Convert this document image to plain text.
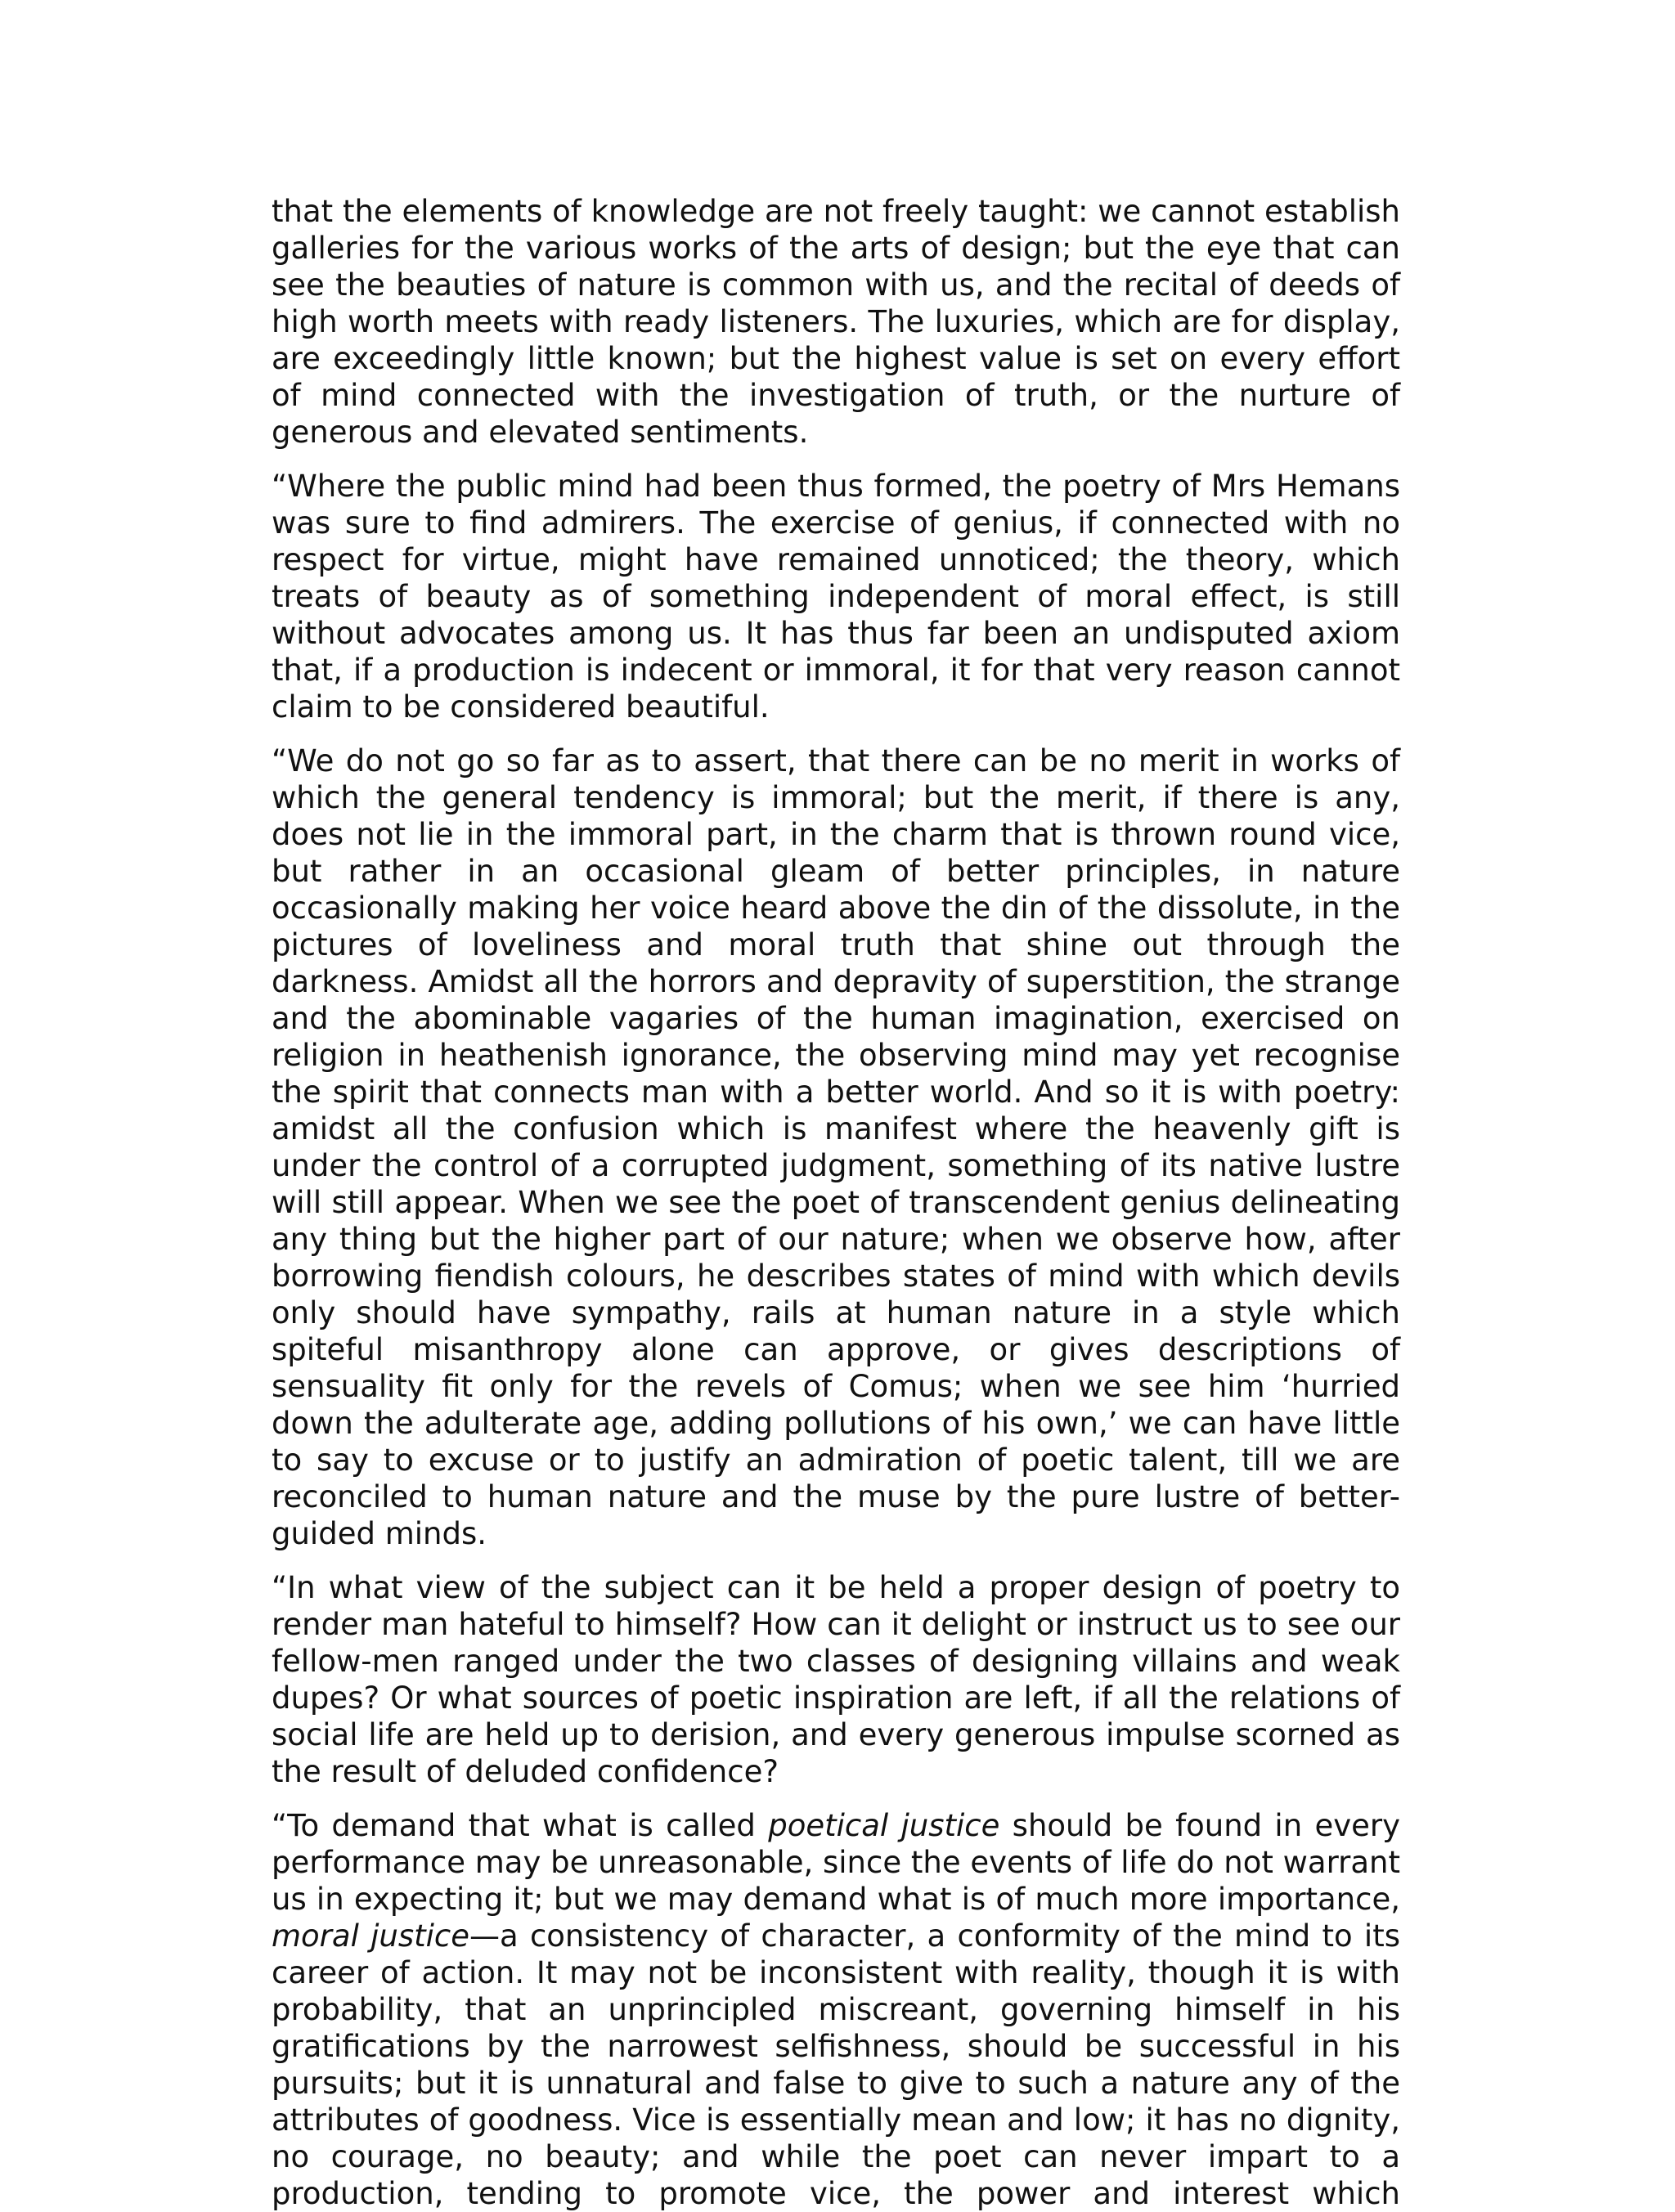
that the elements of knowledge are not freely taught: we cannot establish galleries for the various works of the arts of design; but the eye that can see the beauties of nature is common with us, and the recital of deeds of high worth meets with ready listeners. The luxuries, which are for display, are exceedingly little known; but the highest value is set on every effort of mind connected with the investigation of truth, or the nurture of generous and elevated sentiments.

“Where the public mind had been thus formed, the poetry of Mrs Hemans was sure to find admirers. The exercise of genius, if connected with no respect for virtue, might have remained unnoticed; the theory, which treats of beauty as of something independent of moral effect, is still without advocates among us. It has thus far been an undisputed axiom that, if a production is indecent or immoral, it for that very reason cannot claim to be considered beautiful.

“We do not go so far as to assert, that there can be no merit in works of which the general tendency is immoral; but the merit, if there is any, does not lie in the immoral part, in the charm that is thrown round vice, but rather in an occasional gleam of better principles, in nature occasionally making her voice heard above the din of the dissolute, in the pictures of loveliness and moral truth that shine out through the darkness. Amidst all the horrors and depravity of superstition, the strange and the abominable vagaries of the human imagination, exercised on religion in heathenish ignorance, the observing mind may yet recognise the spirit that connects man with a better world. And so it is with poetry: amidst all the confusion which is manifest where the heavenly gift is under the control of a corrupted judgment, something of its native lustre will still appear. When we see the poet of transcendent genius delineating any thing but the higher part of our nature; when we observe how, after borrowing fiendish colours, he describes states of mind with which devils only should have sympathy, rails at human nature in a style which spiteful misanthropy alone can approve, or gives descriptions of sensuality fit only for the revels of Comus; when we see him ‘hurried down the adulterate age, adding pollutions of his own,’ we can have little to say to excuse or to justify an admiration of poetic talent, till we are reconciled to human nature and the muse by the pure lustre of better-guided minds.

“In what view of the subject can it be held a proper design of poetry to render man hateful to himself? How can it delight or instruct us to see our fellow-men ranged under the two classes of designing villains and weak dupes? Or what sources of poetic inspiration are left, if all the relations of social life are held up to derision, and every generous impulse scorned as the result of deluded confidence?

“To demand that what is called poetical justice should be found in every performance may be unreasonable, since the events of life do not warrant us in expecting it; but we may demand what is of much more importance, moral justice—a consistency of character, a conformity of the mind to its career of action. It may not be inconsistent with reality, though it is with probability, that an unprincipled miscreant, governing himself in his gratifications by the narrowest selfishness, should be successful in his pursuits; but it is unnatural and false to give to such a nature any of the attributes of goodness. Vice is essentially mean and low; it has no dignity, no courage, no beauty; and while the poet can never impart to a production, tending to promote vice, the power and interest which
